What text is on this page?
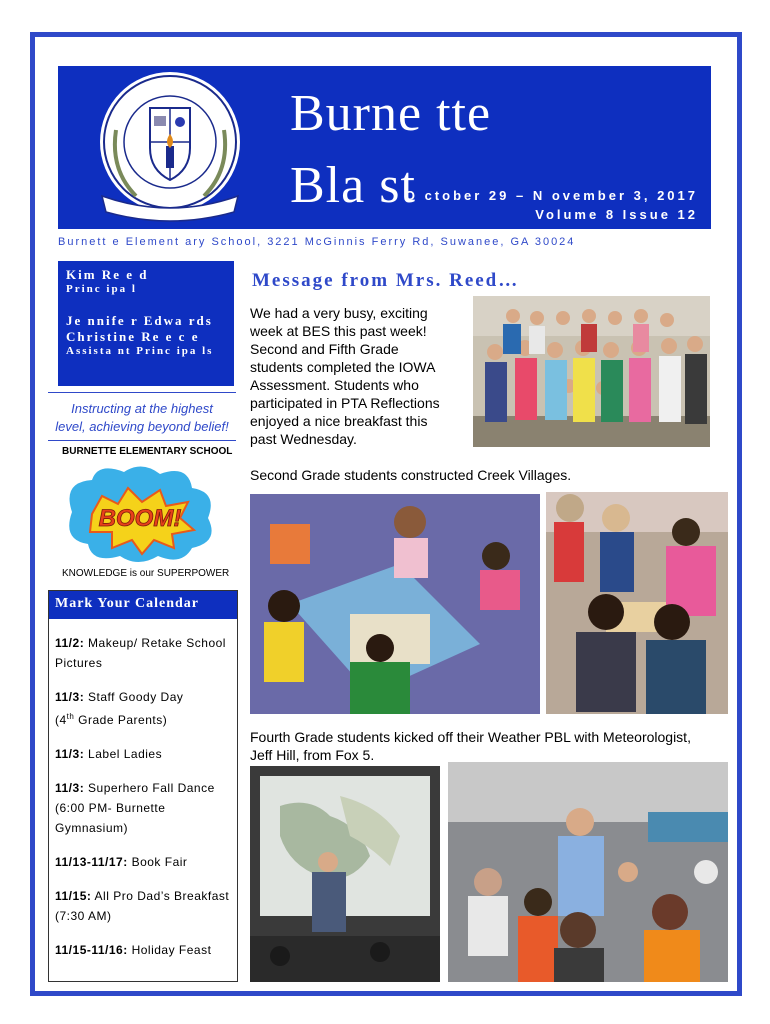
Burne tte
Bla st
O ctober 29 – N ovember 3, 2017
Volume 8 Issue 12
Burnett e Element ary School, 3221 McGinnis Ferry Rd, Suwanee, GA 30024
Kim Re e d
Princ ipa l
Je nnife r Edwa rds
Christine Re e c e
Assista nt Princ ipa ls
Instructing at the highest
level, achieving beyond belief!
BURNETTE ELEMENTARY SCHOOL
BOOM!
KNOWLEDGE is our SUPERPOWER
Mark Your Calendar
11/2: Makeup/ Retake School Pictures
11/3: Staff Goody Day
(4th Grade Parents)
11/3: Label Ladies
11/3: Superhero Fall Dance (6:00 PM- Burnette Gymnasium)
11/13-11/17: Book Fair
11/15: All Pro Dad’s Breakfast (7:30 AM)
11/15-11/16: Holiday Feast
Message from Mrs. Reed…
We had a very busy, exciting
week at BES this past week!
Second and Fifth Grade
students completed the IOWA
Assessment. Students who
participated in PTA Reflections
enjoyed a nice breakfast this
past Wednesday.
Second Grade students constructed Creek Villages.
Fourth Grade students kicked off their Weather PBL with Meteorologist,
Jeff Hill, from Fox 5.
